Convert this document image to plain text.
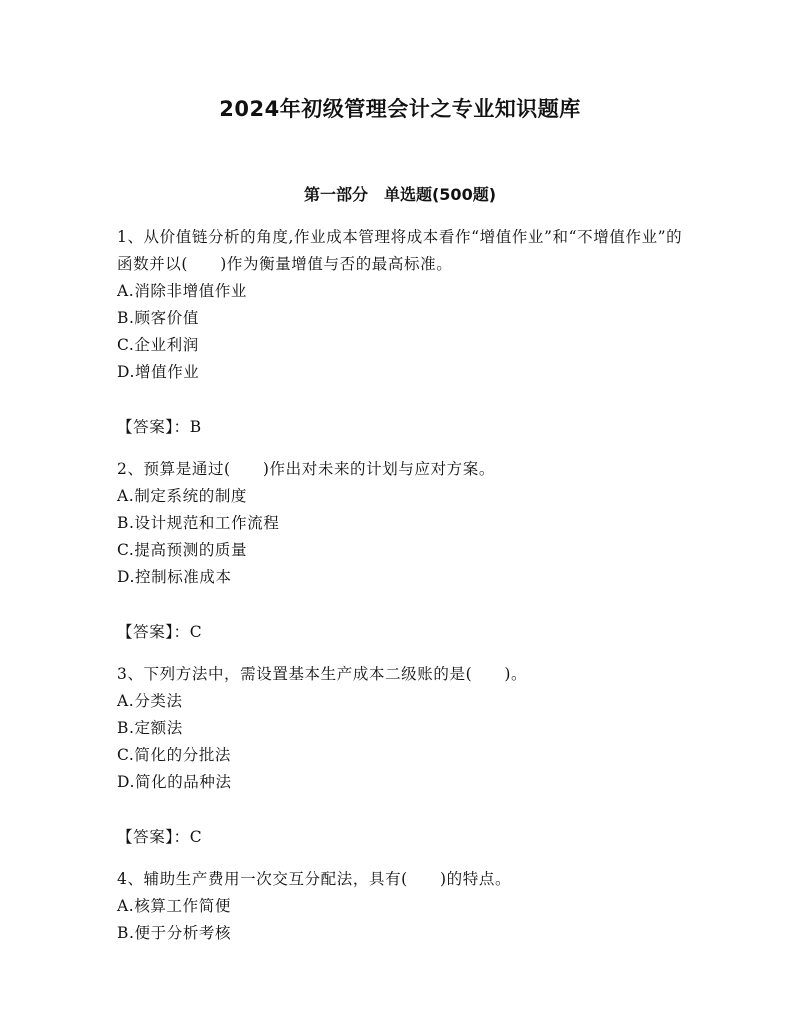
2024年初级管理会计之专业知识题库
第一部分　单选题(500题)

1、从价值链分析的角度,作业成本管理将成本看作“增值作业”和“不增值作业”的函数并以(　　)作为衡量增值与否的最高标准。

A.消除非增值作业

B.顾客价值

C.企业利润

D.增值作业

【答案】：B

2、预算是通过(　　)作出对未来的计划与应对方案。

A.制定系统的制度

B.设计规范和工作流程

C.提高预测的质量

D.控制标准成本

【答案】：C

3、下列方法中，需设置基本生产成本二级账的是(　　)。

A.分类法

B.定额法

C.简化的分批法

D.简化的品种法

【答案】：C

4、辅助生产费用一次交互分配法，具有(　　)的特点。

A.核算工作简便

B.便于分析考核
